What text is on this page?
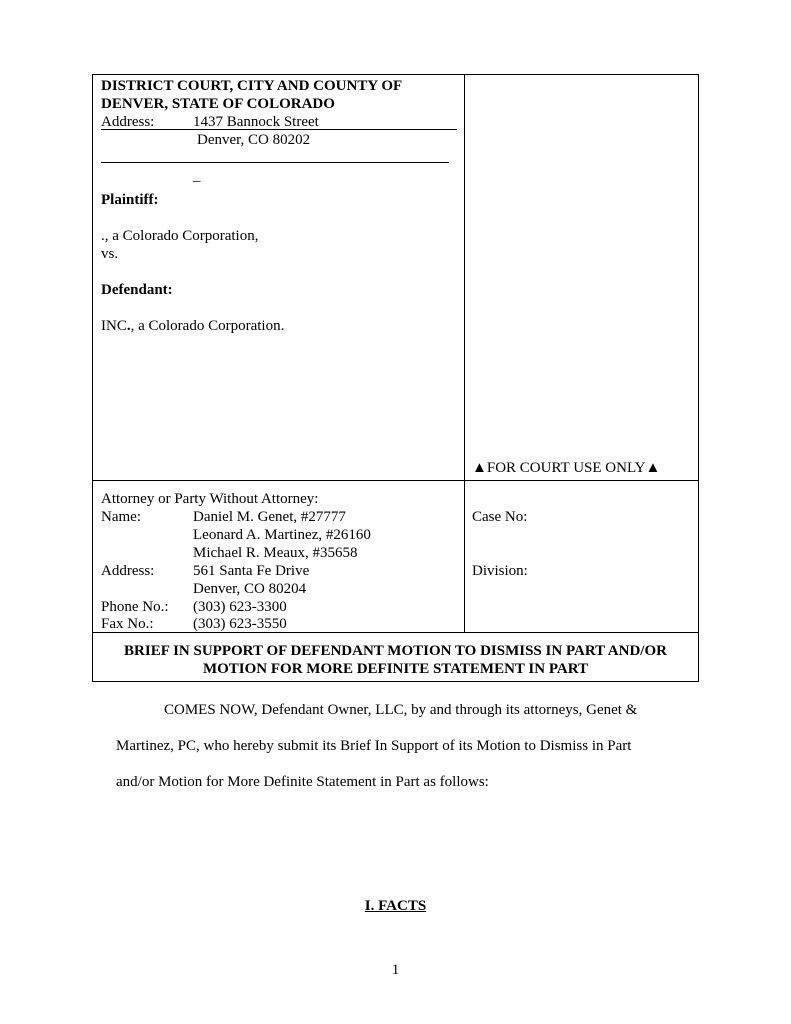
DISTRICT COURT, CITY AND COUNTY OF
DENVER, STATE OF COLORADO
Address:	1437 Bannock Street
Denver, CO 80202
_
Plaintiff:
., a Colorado Corporation,
vs.
Defendant:
INC., a Colorado Corporation.
▲FOR COURT USE ONLY▲
Attorney or Party Without Attorney:
Name:	Daniel M. Genet, #27777
Leonard A. Martinez, #26160
Michael R. Meaux, #35658
Address:	561 Santa Fe Drive
Denver, CO 80204
Phone No.: (303) 623-3300
Fax No.:	(303) 623-3550
Case No:
Division:
BRIEF IN SUPPORT OF DEFENDANT MOTION TO DISMISS IN PART AND/OR
MOTION FOR MORE DEFINITE STATEMENT IN PART
COMES NOW, Defendant Owner, LLC, by and through its attorneys, Genet &
Martinez, PC, who hereby submit its Brief In Support of its Motion to Dismiss in Part
and/or Motion for More Definite Statement in Part as follows:
I. FACTS
1
